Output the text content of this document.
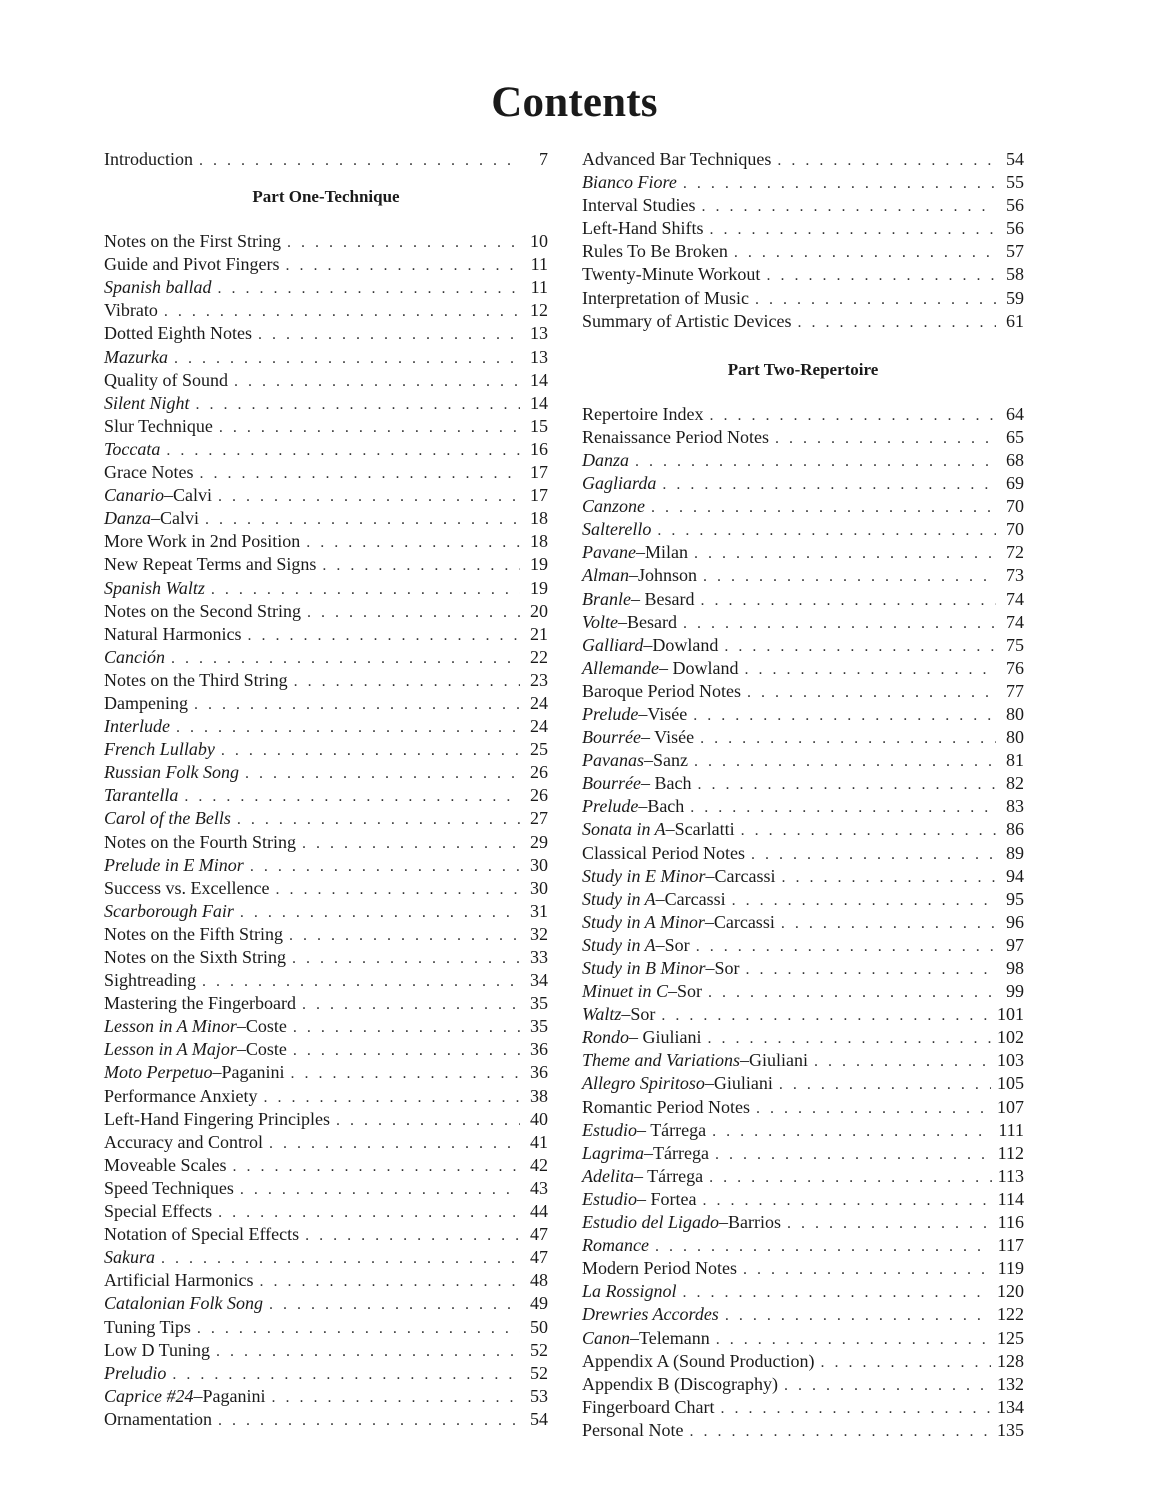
Contents
Introduction . . .	7
Part One-Technique
Notes on the First String . . .	10
Guide and Pivot Fingers . . .	11
Spanish ballad . . .	11
Vibrato . . .	12
Dotted Eighth Notes . . .	13
Mazurka . . .	13
Quality of Sound . . .	14
Silent Night . . .	14
Slur Technique . . .	15
Toccata . . .	16
Grace Notes . . .	17
Canario–Calvi . . .	17
Danza–Calvi . . .	18
More Work in 2nd Position . . .	18
New Repeat Terms and Signs . . .	19
Spanish Waltz . . .	19
Notes on the Second String . . .	20
Natural Harmonics . . .	21
Canción . . .	22
Notes on the Third String . . .	23
Dampening . . .	24
Interlude . . .	24
French Lullaby . . .	25
Russian Folk Song . . .	26
Tarantella . . .	26
Carol of the Bells . . .	27
Notes on the Fourth String . . .	29
Prelude in E Minor . . .	30
Success vs. Excellence . . .	30
Scarborough Fair . . .	31
Notes on the Fifth String . . .	32
Notes on the Sixth String . . .	33
Sightreading . . .	34
Mastering the Fingerboard . . .	35
Lesson in A Minor–Coste . . .	35
Lesson in A Major–Coste . . .	36
Moto Perpetuo–Paganini . . .	36
Performance Anxiety . . .	38
Left-Hand Fingering Principles . . .	40
Accuracy and Control . . .	41
Moveable Scales . . .	42
Speed Techniques . . .	43
Special Effects . . .	44
Notation of Special Effects . . .	47
Sakura . . .	47
Artificial Harmonics . . .	48
Catalonian Folk Song . . .	49
Tuning Tips . . .	50
Low D Tuning . . .	52
Preludio . . .	52
Caprice #24–Paganini . . .	53
Ornamentation . . .	54
Advanced Bar Techniques . . .	54
Bianco Fiore . . .	55
Interval Studies . . .	56
Left-Hand Shifts . . .	56
Rules To Be Broken . . .	57
Twenty-Minute Workout . . .	58
Interpretation of Music . . .	59
Summary of Artistic Devices . . .	61
Part Two-Repertoire
Repertoire Index . . .	64
Renaissance Period Notes . . .	65
Danza . . .	68
Gagliarda . . .	69
Canzone . . .	70
Salterello . . .	70
Pavane–Milan . . .	72
Alman–Johnson . . .	73
Branle– Besard . . .	74
Volte–Besard . . .	74
Galliard–Dowland . . .	75
Allemande– Dowland . . .	76
Baroque Period Notes . . .	77
Prelude–Visée . . .	80
Bourrée– Visée . . .	80
Pavanas–Sanz . . .	81
Bourrée– Bach . . .	82
Prelude–Bach . . .	83
Sonata in A–Scarlatti . . .	86
Classical Period Notes . . .	89
Study in E Minor–Carcassi . . .	94
Study in A–Carcassi . . .	95
Study in A Minor–Carcassi . . .	96
Study in A–Sor . . .	97
Study in B Minor–Sor . . .	98
Minuet in C–Sor . . .	99
Waltz–Sor . . .	101
Rondo– Giuliani . . .	102
Theme and Variations–Giuliani . . .	103
Allegro Spiritoso–Giuliani . . .	105
Romantic Period Notes . . .	107
Estudio– Tárrega . . .	111
Lagrima–Tárrega . . .	112
Adelita– Tárrega . . .	113
Estudio– Fortea . . .	114
Estudio del Ligado–Barrios . . .	116
Romance . . .	117
Modern Period Notes . . .	119
La Rossignol . . .	120
Drewries Accordes . . .	122
Canon–Telemann . . .	125
Appendix A (Sound Production) . . .	128
Appendix B (Discography) . . .	132
Fingerboard Chart . . .	134
Personal Note . . .	135
